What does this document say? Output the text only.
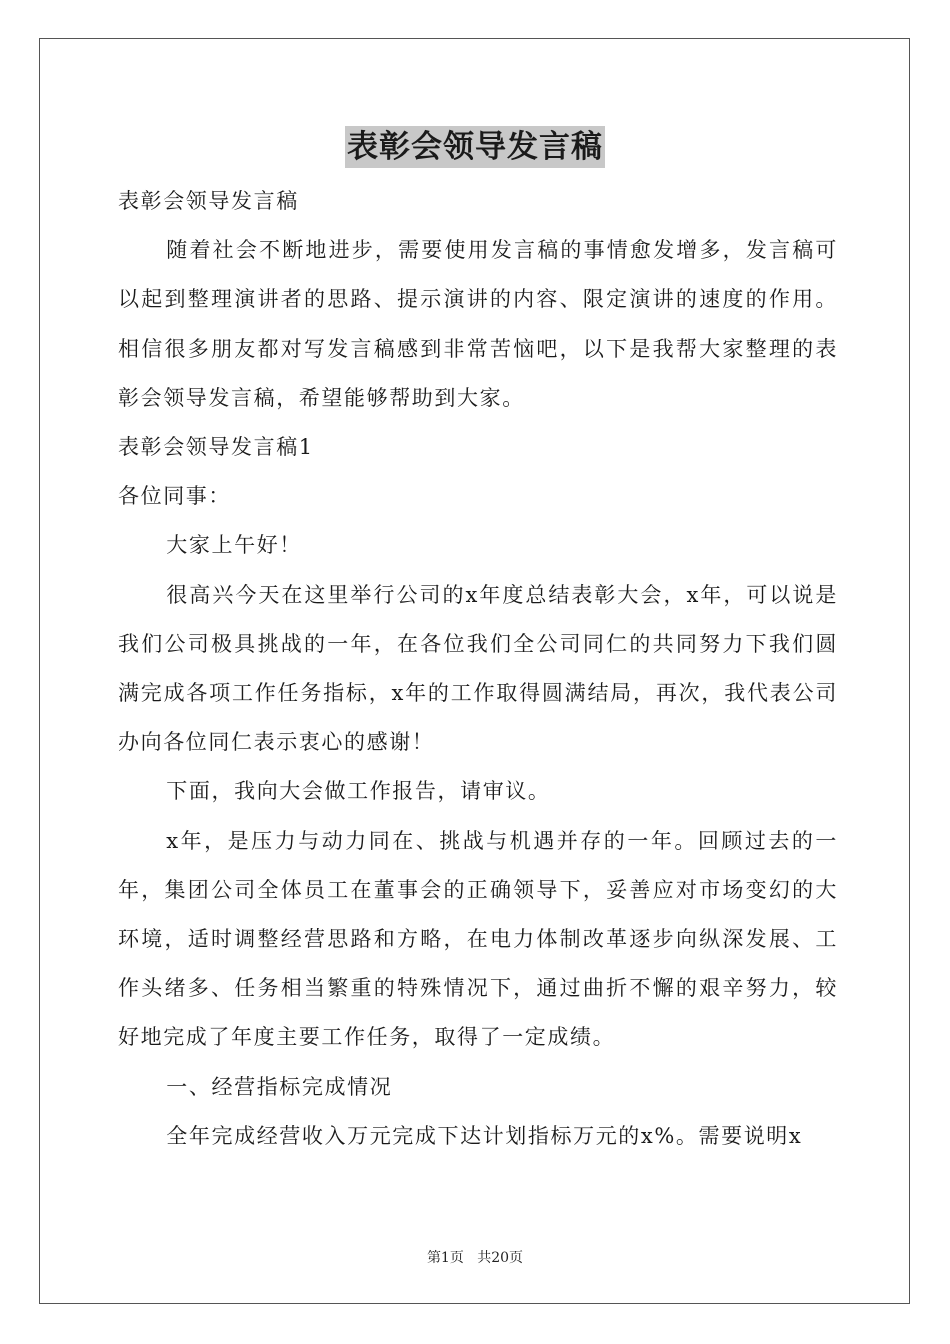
表彰会领导发言稿

表彰会领导发言稿

随着社会不断地进步，需要使用发言稿的事情愈发增多，发言稿可以起到整理演讲者的思路、提示演讲的内容、限定演讲的速度的作用。相信很多朋友都对写发言稿感到非常苦恼吧，以下是我帮大家整理的表彰会领导发言稿，希望能够帮助到大家。

表彰会领导发言稿1

各位同事：

大家上午好！

很高兴今天在这里举行公司的x年度总结表彰大会，x年，可以说是我们公司极具挑战的一年，在各位我们全公司同仁的共同努力下我们圆满完成各项工作任务指标，x年的工作取得圆满结局，再次，我代表公司办向各位同仁表示衷心的感谢！

下面，我向大会做工作报告，请审议。

x年，是压力与动力同在、挑战与机遇并存的一年。回顾过去的一年，集团公司全体员工在董事会的正确领导下，妥善应对市场变幻的大环境，适时调整经营思路和方略，在电力体制改革逐步向纵深发展、工作头绪多、任务相当繁重的特殊情况下，通过曲折不懈的艰辛努力，较好地完成了年度主要工作任务，取得了一定成绩。

一、经营指标完成情况

全年完成经营收入万元完成下达计划指标万元的x%。需要说明x

第1页 共20页
